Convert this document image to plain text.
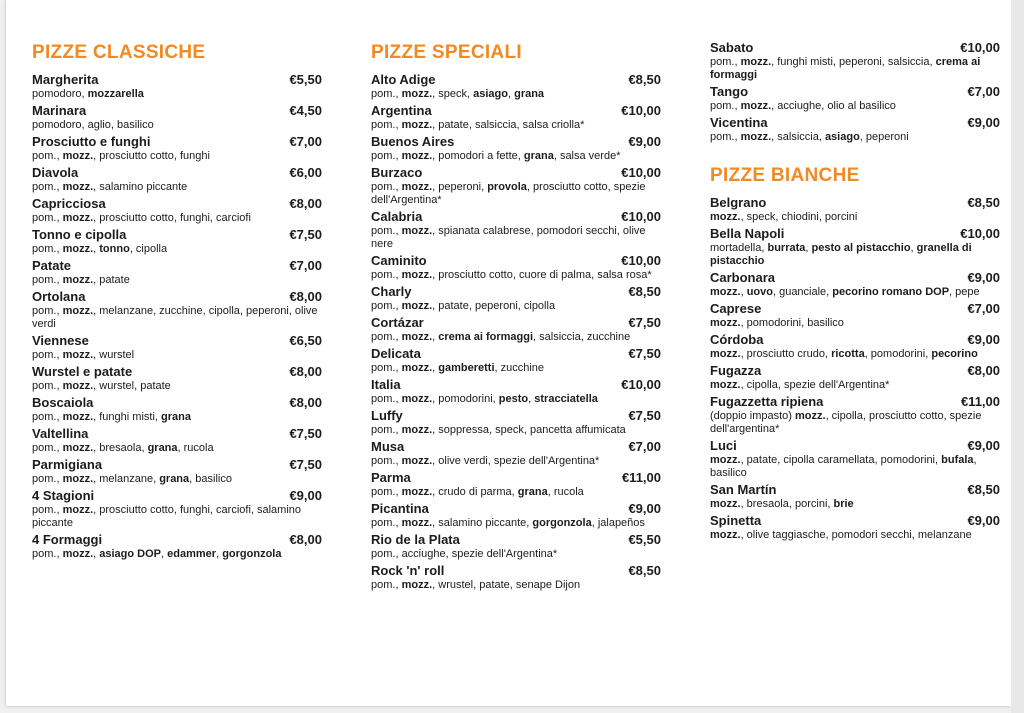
PIZZE CLASSICHE
Margherita	€5,50
pomodoro, mozzarella
Marinara	€4,50
pomodoro, aglio, basilico
Prosciutto e funghi	€7,00
pom., mozz., prosciutto cotto, funghi
Diavola	€6,00
pom., mozz., salamino piccante
Capricciosa	€8,00
pom., mozz., prosciutto cotto, funghi, carciofi
Tonno e cipolla	€7,50
pom., mozz., tonno, cipolla
Patate	€7,00
pom., mozz., patate
Ortolana	€8,00
pom., mozz., melanzane, zucchine, cipolla, peperoni, olive verdi
Viennese	€6,50
pom., mozz., wurstel
Wurstel e patate	€8,00
pom., mozz., wurstel, patate
Boscaiola	€8,00
pom., mozz., funghi misti, grana
Valtellina	€7,50
pom., mozz., bresaola, grana, rucola
Parmigiana	€7,50
pom., mozz., melanzane, grana, basilico
4 Stagioni	€9,00
pom., mozz., prosciutto cotto, funghi, carciofi, salamino piccante
4 Formaggi	€8,00
pom., mozz., asiago DOP, edammer, gorgonzola
PIZZE SPECIALI
Alto Adige	€8,50
pom., mozz., speck, asiago, grana
Argentina	€10,00
pom., mozz., patate, salsiccia, salsa criolla*
Buenos Aires	€9,00
pom., mozz., pomodori a fette, grana, salsa verde*
Burzaco	€10,00
pom., mozz., peperoni, provola, prosciutto cotto, spezie dell'Argentina*
Calabria	€10,00
pom., mozz., spianata calabrese, pomodori secchi, olive nere
Caminito	€10,00
pom., mozz., prosciutto cotto, cuore di palma, salsa rosa*
Charly	€8,50
pom., mozz., patate, peperoni, cipolla
Cortázar	€7,50
pom., mozz., crema ai formaggi, salsiccia, zucchine
Delicata	€7,50
pom., mozz., gamberetti, zucchine
Italia	€10,00
pom., mozz., pomodorini, pesto, stracciatella
Luffy	€7,50
pom., mozz., soppressa, speck, pancetta affumicata
Musa	€7,00
pom., mozz., olive verdi, spezie dell'Argentina*
Parma	€11,00
pom., mozz., crudo di parma, grana, rucola
Picantina	€9,00
pom., mozz., salamino piccante, gorgonzola, jalapeños
Rio de la Plata	€5,50
pom., acciughe, spezie dell'Argentina*
Rock 'n' roll	€8,50
pom., mozz., wrustel, patate, senape Dijon
Sabato	€10,00
pom., mozz., funghi misti, peperoni, salsiccia, crema ai formaggi
Tango	€7,00
pom., mozz., acciughe, olio al basilico
Vicentina	€9,00
pom., mozz., salsiccia, asiago, peperoni
PIZZE BIANCHE
Belgrano	€8,50
mozz., speck, chiodini, porcini
Bella Napoli	€10,00
mortadella, burrata, pesto al pistacchio, granella di pistacchio
Carbonara	€9,00
mozz., uovo, guanciale, pecorino romano DOP, pepe
Caprese	€7,00
mozz., pomodorini, basilico
Córdoba	€9,00
mozz., prosciutto crudo, ricotta, pomodorini, pecorino
Fugazza	€8,00
mozz., cipolla, spezie dell'Argentina*
Fugazzetta ripiena	€11,00
(doppio impasto) mozz., cipolla, prosciutto cotto, spezie dell'argentina*
Luci	€9,00
mozz., patate, cipolla caramellata, pomodorini, bufala, basilico
San Martín	€8,50
mozz., bresaola, porcini, brie
Spinetta	€9,00
mozz., olive taggiasche, pomodori secchi, melanzane
